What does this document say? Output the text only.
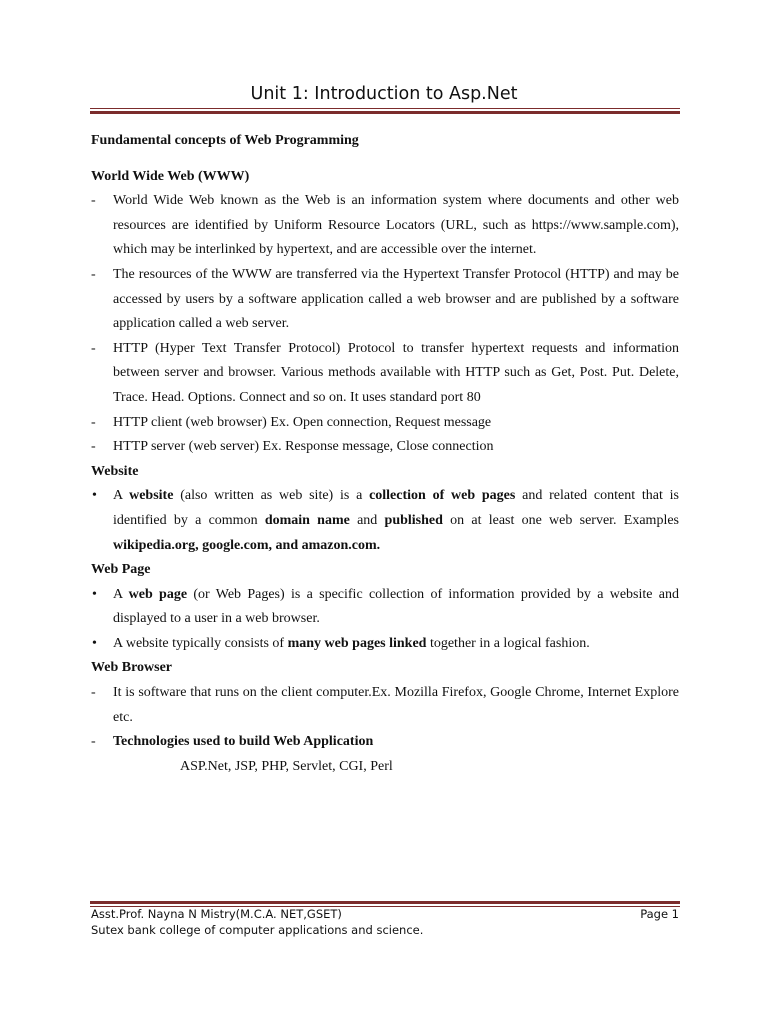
Unit 1: Introduction to Asp.Net
Fundamental concepts of Web Programming
World Wide Web (WWW)
- World Wide Web known as the Web is an information system where documents and other web resources are identified by Uniform Resource Locators (URL, such as https://www.sample.com), which may be interlinked by hypertext, and are accessible over the internet.
- The resources of the WWW are transferred via the Hypertext Transfer Protocol (HTTP) and may be accessed by users by a software application called a web browser and are published by a software application called a web server.
- HTTP (Hyper Text Transfer Protocol) Protocol to transfer hypertext requests and information between server and browser. Various methods available with HTTP such as Get, Post. Put. Delete, Trace. Head. Options. Connect and so on. It uses standard port 80
- HTTP client (web browser) Ex. Open connection, Request message
- HTTP server (web server) Ex. Response message, Close connection
Website
• A website (also written as web site) is a collection of web pages and related content that is identified by a common domain name and published on at least one web server. Examples wikipedia.org, google.com, and amazon.com.
Web Page
• A web page (or Web Pages) is a specific collection of information provided by a website and displayed to a user in a web browser.
• A website typically consists of many web pages linked together in a logical fashion.
Web Browser
- It is software that runs on the client computer.Ex. Mozilla Firefox, Google Chrome, Internet Explore etc.
- Technologies used to build Web Application
ASP.Net, JSP, PHP, Servlet, CGI, Perl
Asst.Prof. Nayna N Mistry(M.C.A. NET,GSET)	Page 1
Sutex bank college of computer applications and science.
